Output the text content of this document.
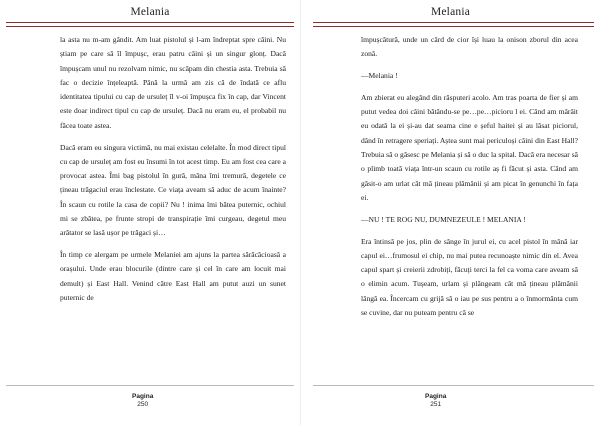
Melania

la asta nu m-am gândit. Am luat pistolul și l-am îndreptat spre câini. Nu știam pe care să îl împușc, erau patru câini și un singur glonț. Dacă împușcam unul nu rezolvam nimic, nu scăpam din chestia asta. Trebuia să fac o decizie înțeleaptă. Până la urmă am zis că de îndată ce aflu identitatea tipului cu cap de ursuleț îl v-oi împușca fix în cap, dar Vincent este doar indirect tipul cu cap de ursuleț. Dacă nu eram eu, el probabil nu făcea toate astea.

Dacă eram eu singura victimă, nu mai existau celelalte. În mod direct tipul cu cap de ursuleț am fost eu însumi în tot acest timp. Eu am fost cea care a provocat astea. Îmi bag pistolul în gură, mâna îmi tremură, degetele ce țineau trăgaciul erau înclestate. Ce viața aveam să aduc de acum înainte? În scaun cu rotile la casa de copii? Nu ! inima îmi bătea puternic, ochiul mi se zbătea, pe frunte stropi de transpirație îmi curgeau, degetul meu arătator se lasă ușor pe trăgaci și…

În timp ce alergam pe urmele Melaniei am ajuns la partea sărăcăcioasă a orașului. Unde erau blocurile (dintre care și cel în care am locuit mai demult) și East Hall. Venind către East Hall am putut auzi un sunet puternic de

Pagina
250
Melania

împușcătură, unde un cârd de cior își luau la onison zborul din acea zonă.

—Melania !

Am zbierat eu alegând din răsputeri acolo. Am tras poarta de fier și am putut vedea doi câini bătându-se pe…pe…picioru l ei. Când am mârâit eu odată la ei și-au dat seama cine e șeful haitei și au lăsat piciorul, dând în retragere speriați. Aștea sunt mai periculoși câini din East Hall? Trebuia să o găsesc pe Melania și să o duc la spital. Dacă era necesar să o plimb toată viața într-un scaun cu rotile aș fi făcut și asta. Când am găsit-o am urlat cât mă țineau plămânii și am picat în genunchi în fața ei.

—NU ! TE ROG NU, DUMNEZEULE ! MELANIA !

Era întinsă pe jos, plin de sânge în jurul ei, cu acel pistol în mână iar capul ei…frumosul ei chip, nu mai putea recunoaște nimic din el. Avea capul spart și creierii zdrobiți, făcuți terci la fel ca voma care aveam să o elimin acum. Tușeam, urlam și plângeam cât mă țineau plămânii lângă ea. Încercam cu grijă să o iau pe sus pentru a o înmormânta cum se cuvine, dar nu puteam pentru că se

Pagina
251
